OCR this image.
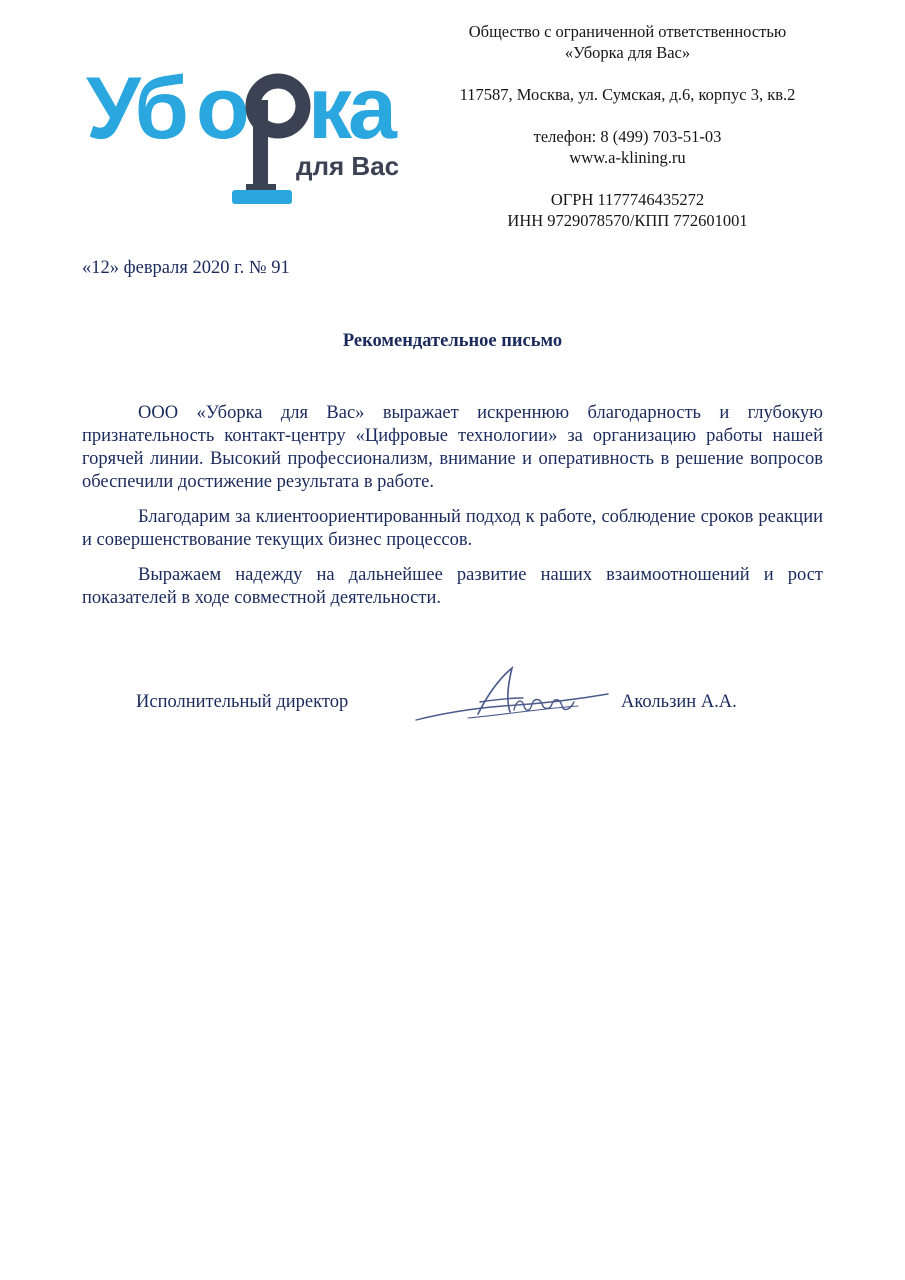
Уб о ка
для Вас
Общество с ограниченной ответственностью
«Уборка для Вас»
117587, Москва, ул. Сумская, д.6, корпус 3, кв.2
телефон: 8 (499) 703-51-03
www.a-klining.ru
ОГРН 1177746435272
ИНН 9729078570/КПП 772601001
«12» февраля 2020 г. № 91
Рекомендательное письмо

ООО «Уборка для Вас» выражает искреннюю благодарность и глубокую признательность контакт-центру «Цифровые технологии» за организацию работы нашей горячей линии. Высокий профессионализм, внимание и оперативность в решение вопросов обеспечили достижение результата в работе.

Благодарим за клиентоориентированный подход к работе, соблюдение сроков реакции и совершенствование текущих бизнес процессов.

Выражаем надежду на дальнейшее развитие наших взаимоотношений и рост показателей в ходе совместной деятельности.

Исполнительный директор	Акользин А.А.
